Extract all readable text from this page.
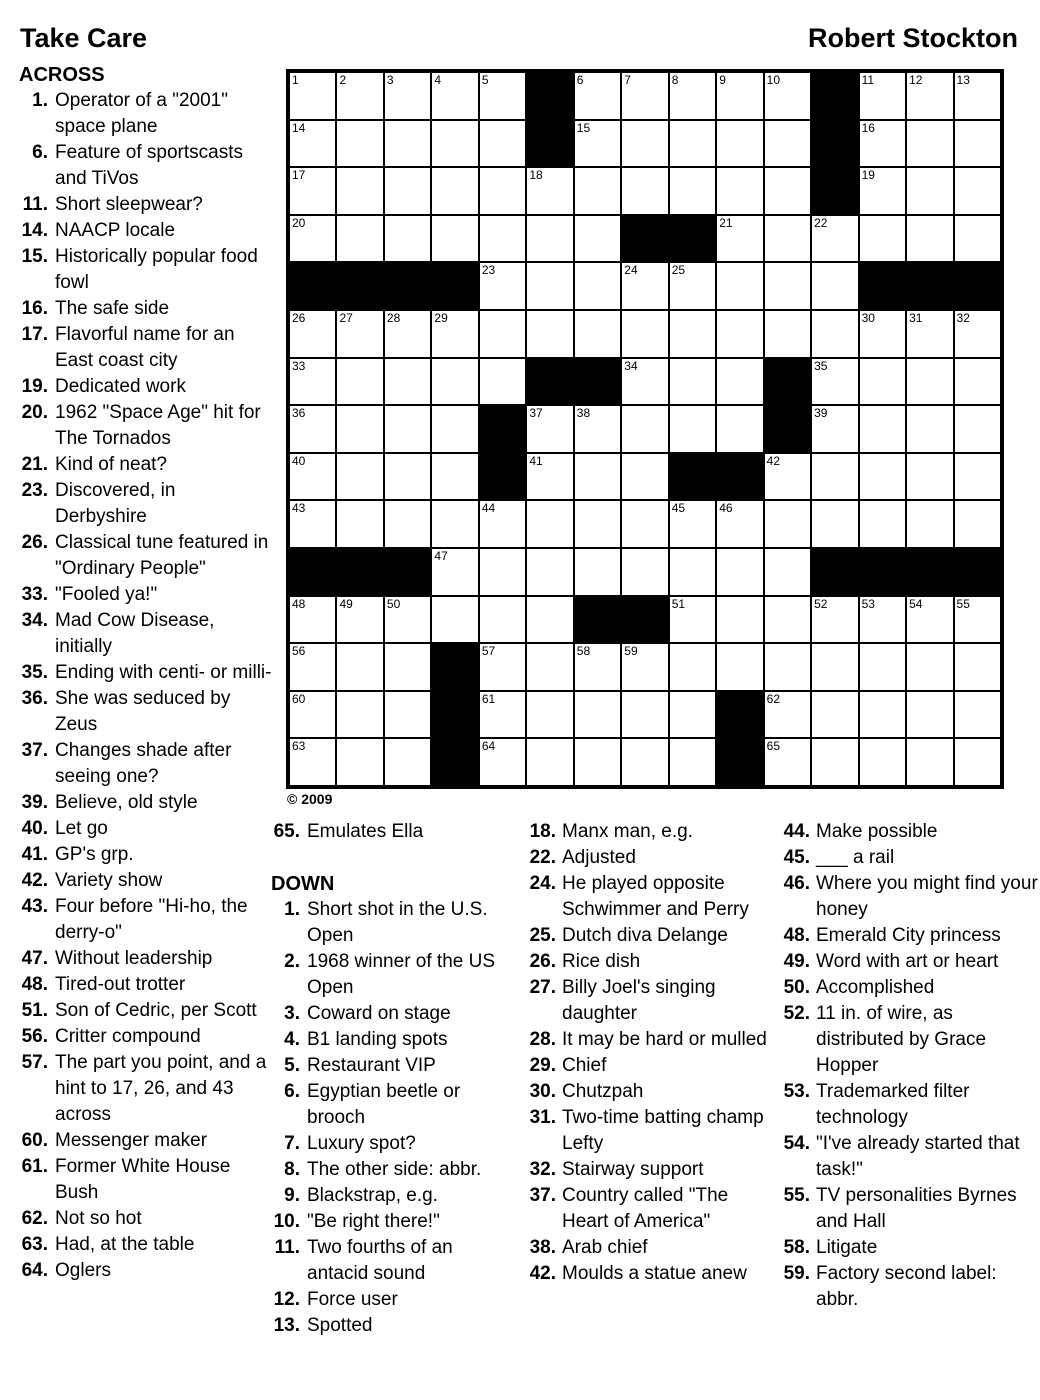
Take Care	Robert Stockton
1	2	3	4	5	6	7	8	9	10	11	12	13
14	15	16
17	18	19
20	21	22
23	24	25
26	27	28	29	30	31	32
33	34	35
36	37	38	39
40	41	42
43	44	45	46
47
48	49	50	51	52	53	54	55
56	57	58	59
60	61	62
63	64	65
© 2009
ACROSS
1. Operator of a "2001" space plane
6. Feature of sportscasts and TiVos
11. Short sleepwear?
14. NAACP locale
15. Historically popular food fowl
16. The safe side
17. Flavorful name for an East coast city
19. Dedicated work
20. 1962 "Space Age" hit for The Tornados
21. Kind of neat?
23. Discovered, in Derbyshire
26. Classical tune featured in "Ordinary People"
33. "Fooled ya!"
34. Mad Cow Disease, initially
35. Ending with centi- or milli-
36. She was seduced by Zeus
37. Changes shade after seeing one?
39. Believe, old style
40. Let go
41. GP's grp.
42. Variety show
43. Four before "Hi-ho, the derry-o"
47. Without leadership
48. Tired-out trotter
51. Son of Cedric, per Scott
56. Critter compound
57. The part you point, and a hint to 17, 26, and 43 across
60. Messenger maker
61. Former White House Bush
62. Not so hot
63. Had, at the table
64. Oglers
65. Emulates Ella
DOWN
1. Short shot in the U.S. Open
2. 1968 winner of the US Open
3. Coward on stage
4. B1 landing spots
5. Restaurant VIP
6. Egyptian beetle or brooch
7. Luxury spot?
8. The other side: abbr.
9. Blackstrap, e.g.
10. "Be right there!"
11. Two fourths of an antacid sound
12. Force user
13. Spotted
18. Manx man, e.g.
22. Adjusted
24. He played opposite Schwimmer and Perry
25. Dutch diva Delange
26. Rice dish
27. Billy Joel's singing daughter
28. It may be hard or mulled
29. Chief
30. Chutzpah
31. Two-time batting champ Lefty
32. Stairway support
37. Country called "The Heart of America"
38. Arab chief
42. Moulds a statue anew
44. Make possible
45. ___ a rail
46. Where you might find your honey
48. Emerald City princess
49. Word with art or heart
50. Accomplished
52. 11 in. of wire, as distributed by Grace Hopper
53. Trademarked filter technology
54. "I've already started that task!"
55. TV personalities Byrnes and Hall
58. Litigate
59. Factory second label: abbr.
